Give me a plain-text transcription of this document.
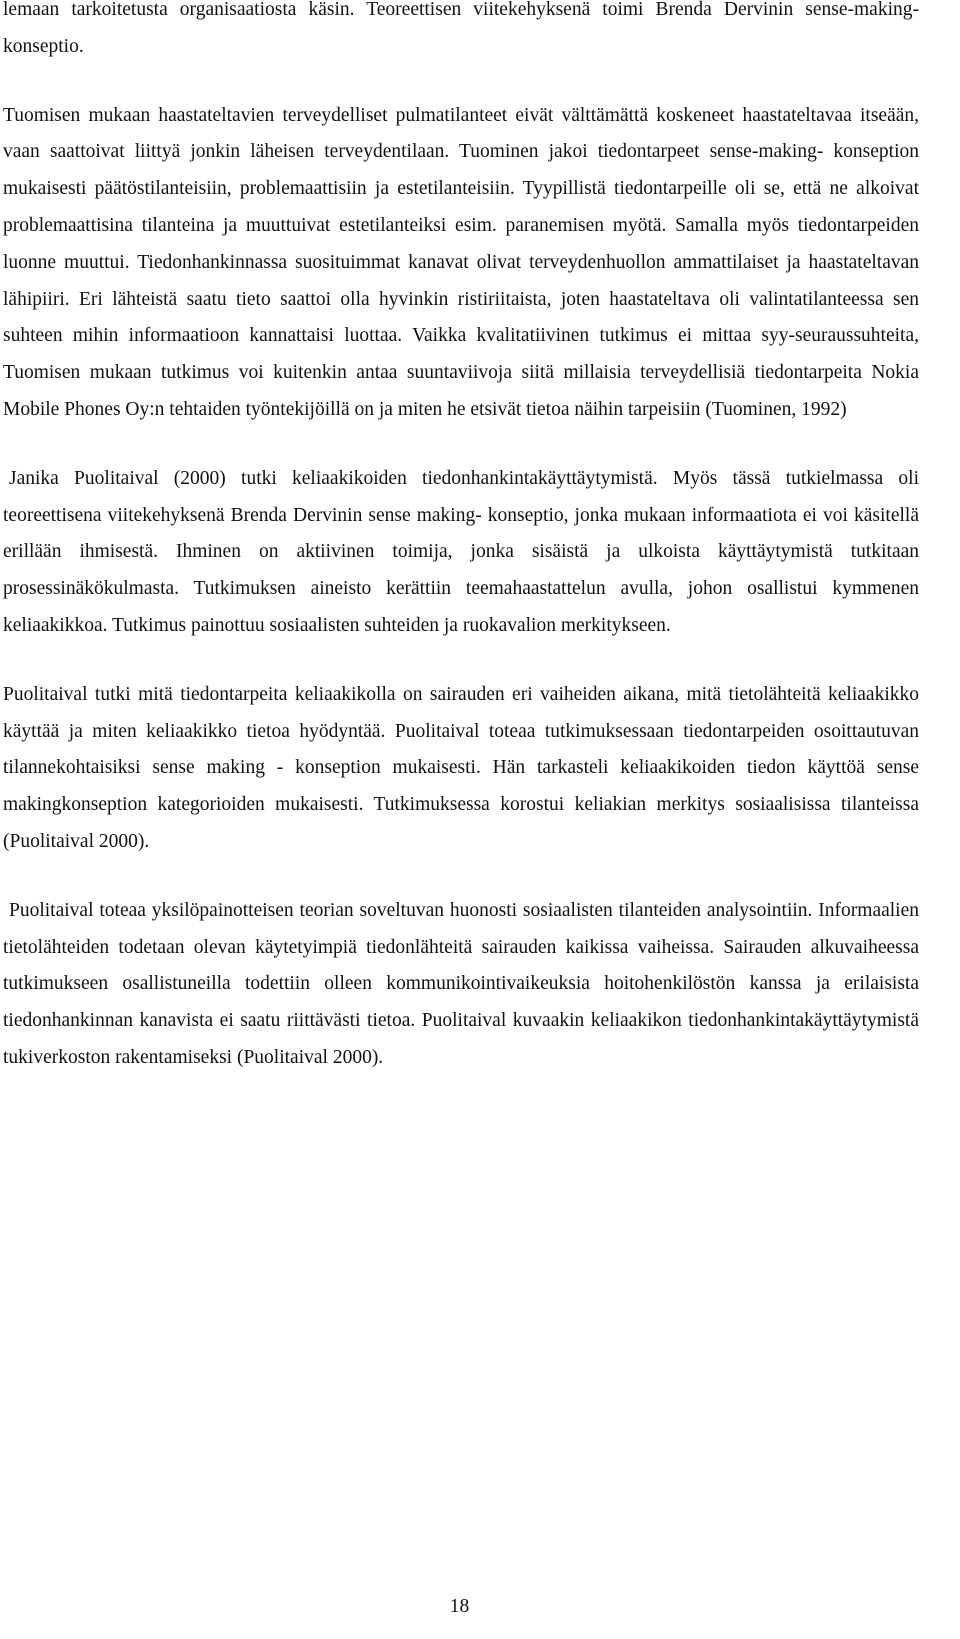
lemaan tarkoitetusta organisaatiosta käsin. Teoreettisen viitekehyksenä toimi Brenda Dervinin sense-making- konseptio.

Tuomisen mukaan haastateltavien terveydelliset pulmatilanteet eivät välttämättä koskeneet haastateltavaa itseään, vaan saattoivat liittyä jonkin läheisen terveydentilaan. Tuominen jakoi tiedontarpeet sense-making- konseption mukaisesti päätöstilanteisiin, problemaattisiin ja estetilanteisiin. Tyypillistä tiedontarpeille oli se, että ne alkoivat problemaattisina tilanteina ja muuttuivat estetilanteiksi esim. paranemisen myötä. Samalla myös tiedontarpeiden luonne muuttui. Tiedonhankinnassa suosituimmat kanavat olivat terveydenhuollon ammattilaiset ja haastateltavan lähipiiri. Eri lähteistä saatu tieto saattoi olla hyvinkin ristiriitaista, joten haastateltava oli valintatilanteessa sen suhteen mihin informaatioon kannattaisi luottaa. Vaikka kvalitatiivinen tutkimus ei mittaa syy-seuraussuhteita, Tuomisen mukaan tutkimus voi kuitenkin antaa suuntaviivoja siitä millaisia terveydellisiä tiedontarpeita Nokia Mobile Phones Oy:n tehtaiden työntekijöillä on ja miten he etsivät tietoa näihin tarpeisiin (Tuominen, 1992)

Janika Puolitaival (2000) tutki keliaakikoiden tiedonhankintakäyttäytymistä. Myös tässä tutkielmassa oli teoreettisena viitekehyksenä Brenda Dervinin sense making- konseptio, jonka mukaan informaatiota ei voi käsitellä erillään ihmisestä. Ihminen on aktiivinen toimija, jonka sisäistä ja ulkoista käyttäytymistä tutkitaan prosessinäkökulmasta. Tutkimuksen aineisto kerättiin teemahaastattelun avulla, johon osallistui kymmenen keliaakikkoa. Tutkimus painottuu sosiaalisten suhteiden ja ruokavalion merkitykseen.

Puolitaival tutki mitä tiedontarpeita keliaakikolla on sairauden eri vaiheiden aikana, mitä tietolähteitä keliaakikko käyttää ja miten keliaakikko tietoa hyödyntää. Puolitaival toteaa tutkimuksessaan tiedontarpeiden osoittautuvan tilannekohtaisiksi sense making - konseption mukaisesti. Hän tarkasteli keliaakikoiden tiedon käyttöä sense makingkonseption kategorioiden mukaisesti. Tutkimuksessa korostui keliakian merkitys sosiaalisissa tilanteissa (Puolitaival 2000).

Puolitaival toteaa yksilöpainotteisen teorian soveltuvan huonosti sosiaalisten tilanteiden analysointiin. Informaalien tietolähteiden todetaan olevan käytetyimpiä tiedonlähteitä sairauden kaikissa vaiheissa. Sairauden alkuvaiheessa tutkimukseen osallistuneilla todettiin olleen kommunikointivaikeuksia hoitohenkilöstön kanssa ja erilaisista tiedonhankinnan kanavista ei saatu riittävästi tietoa. Puolitaival kuvaakin keliaakikon tiedonhankintakäyttäytymistä tukiverkoston rakentamiseksi (Puolitaival 2000).

18
